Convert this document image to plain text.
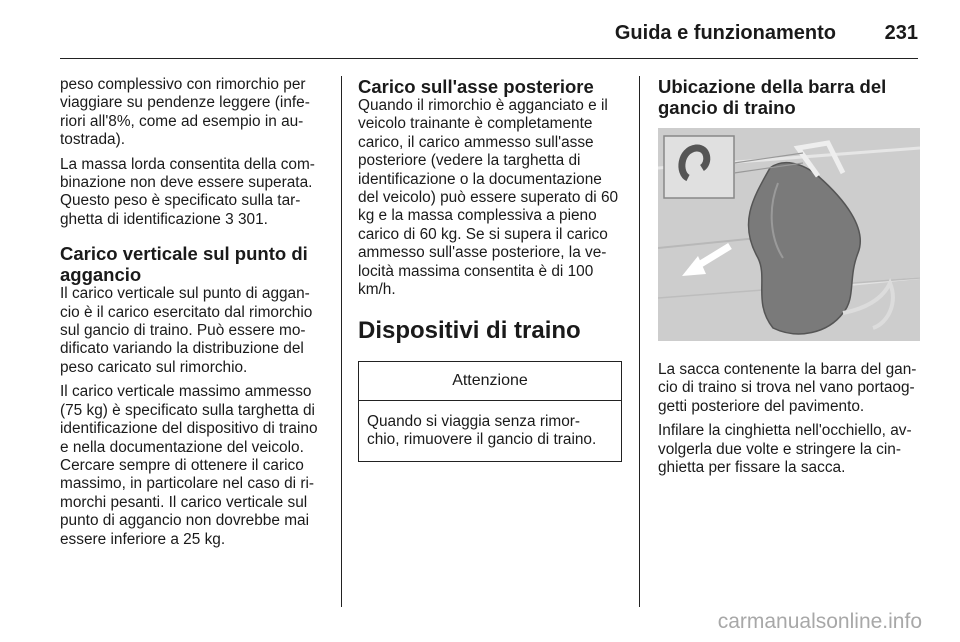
Guida e funzionamento 231

peso complessivo con rimorchio per viaggiare su pendenze leggere (infe- riori all'8%, come ad esempio in au- tostrada).

La massa lorda consentita della com- binazione non deve essere superata. Questo peso è specificato sulla tar- ghetta di identificazione 3 301.

Carico verticale sul punto di aggancio

Il carico verticale sul punto di aggan- cio è il carico esercitato dal rimorchio sul gancio di traino. Può essere mo- dificato variando la distribuzione del peso caricato sul rimorchio.

Il carico verticale massimo ammesso (75 kg) è specificato sulla targhetta di identificazione del dispositivo di traino e nella documentazione del veicolo. Cercare sempre di ottenere il carico massimo, in particolare nel caso di ri- morchi pesanti. Il carico verticale sul punto di aggancio non dovrebbe mai essere inferiore a 25 kg.

Carico sull'asse posteriore

Quando il rimorchio è agganciato e il veicolo trainante è completamente carico, il carico ammesso sull'asse posteriore (vedere la targhetta di identificazione o la documentazione del veicolo) può essere superato di 60 kg e la massa complessiva a pieno carico di 60 kg. Se si supera il carico ammesso sull'asse posteriore, la ve- locità massima consentita è di 100 km/h.

Dispositivi di traino
Attenzione
Quando si viaggia senza rimor- chio, rimuovere il gancio di traino.
Ubicazione della barra del gancio di traino

La sacca contenente la barra del gan- cio di traino si trova nel vano portaog- getti posteriore del pavimento.

Infilare la cinghietta nell'occhiello, av- volgerla due volte e stringere la cin- ghietta per fissare la sacca.

carmanualsonline.info
